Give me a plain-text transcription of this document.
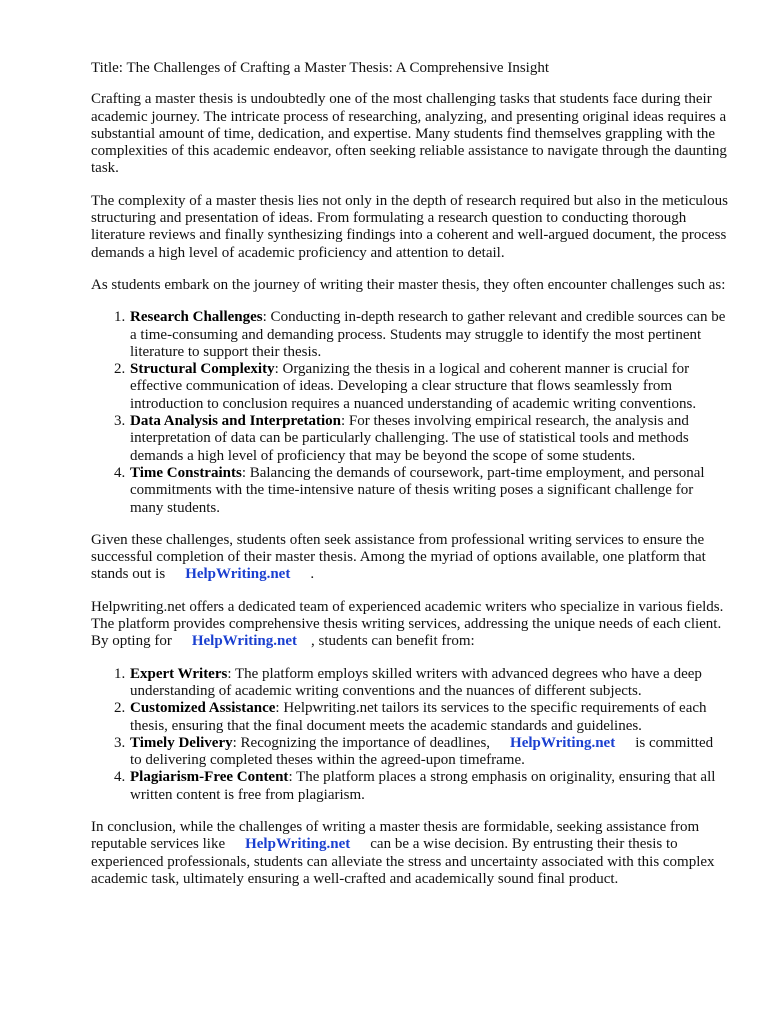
Title: The Challenges of Crafting a Master Thesis: A Comprehensive Insight

Crafting a master thesis is undoubtedly one of the most challenging tasks that students face during their academic journey. The intricate process of researching, analyzing, and presenting original ideas requires a substantial amount of time, dedication, and expertise. Many students find themselves grappling with the complexities of this academic endeavor, often seeking reliable assistance to navigate through the daunting task.

The complexity of a master thesis lies not only in the depth of research required but also in the meticulous structuring and presentation of ideas. From formulating a research question to conducting thorough literature reviews and finally synthesizing findings into a coherent and well-argued document, the process demands a high level of academic proficiency and attention to detail.

As students embark on the journey of writing their master thesis, they often encounter challenges such as:

1. Research Challenges: Conducting in-depth research to gather relevant and credible sources can be a time-consuming and demanding process. Students may struggle to identify the most pertinent literature to support their thesis.
2. Structural Complexity: Organizing the thesis in a logical and coherent manner is crucial for effective communication of ideas. Developing a clear structure that flows seamlessly from introduction to conclusion requires a nuanced understanding of academic writing conventions.
3. Data Analysis and Interpretation: For theses involving empirical research, the analysis and interpretation of data can be particularly challenging. The use of statistical tools and methods demands a high level of proficiency that may be beyond the scope of some students.
4. Time Constraints: Balancing the demands of coursework, part-time employment, and personal commitments with the time-intensive nature of thesis writing poses a significant challenge for many students.

Given these challenges, students often seek assistance from professional writing services to ensure the successful completion of their master thesis. Among the myriad of options available, one platform that stands out is HelpWriting.net .

Helpwriting.net offers a dedicated team of experienced academic writers who specialize in various fields. The platform provides comprehensive thesis writing services, addressing the unique needs of each client. By opting for HelpWriting.net , students can benefit from:

1. Expert Writers: The platform employs skilled writers with advanced degrees who have a deep understanding of academic writing conventions and the nuances of different subjects.
2. Customized Assistance: Helpwriting.net tailors its services to the specific requirements of each thesis, ensuring that the final document meets the academic standards and guidelines.
3. Timely Delivery: Recognizing the importance of deadlines, HelpWriting.net is committed to delivering completed theses within the agreed-upon timeframe.
4. Plagiarism-Free Content: The platform places a strong emphasis on originality, ensuring that all written content is free from plagiarism.

In conclusion, while the challenges of writing a master thesis are formidable, seeking assistance from reputable services like HelpWriting.net can be a wise decision. By entrusting their thesis to experienced professionals, students can alleviate the stress and uncertainty associated with this complex academic task, ultimately ensuring a well-crafted and academically sound final product.
